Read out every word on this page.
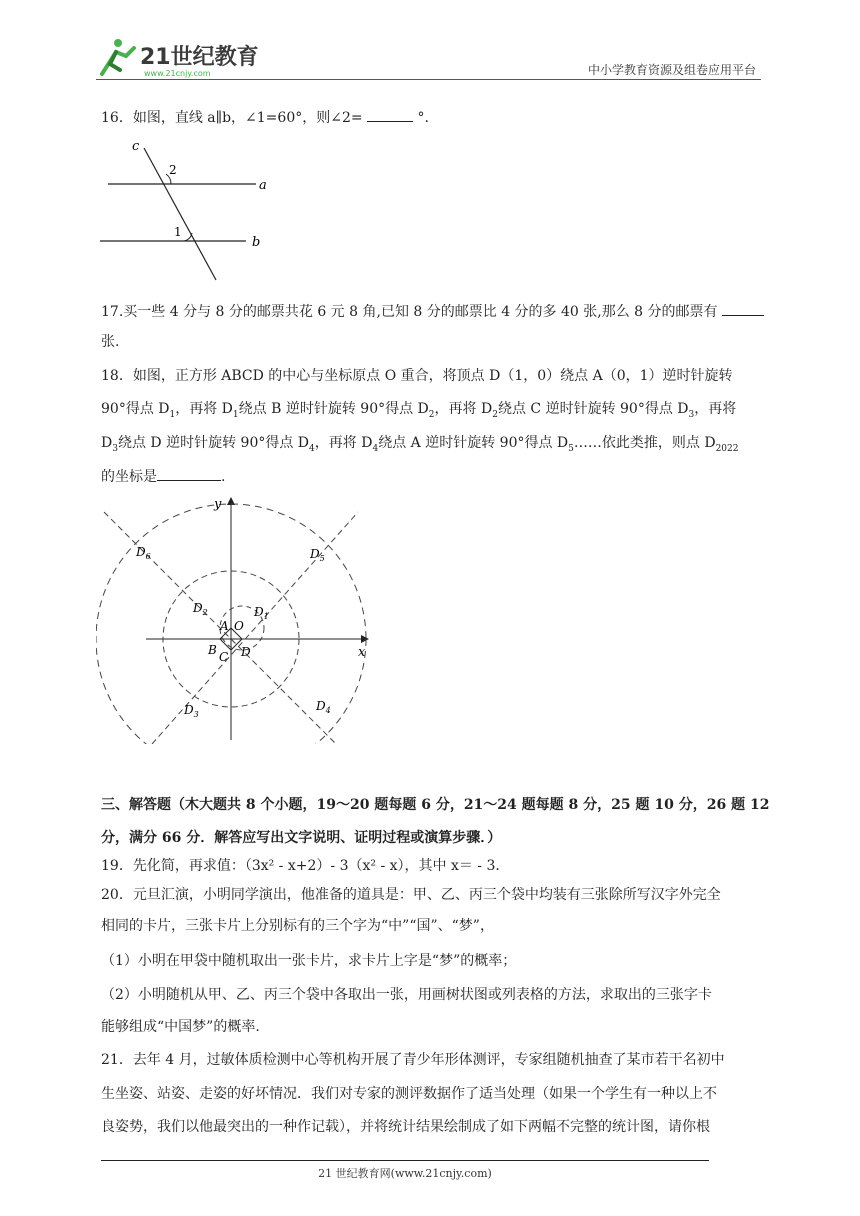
21世纪教育
www.21cnjy.com	中小学教育资源及组卷应用平台
16．如图，直线 a∥b，∠1=60°，则∠2=	°.
c
a
b
2
1
17.买一些 4 分与 8 分的邮票共花 6 元 8 角,已知 8 分的邮票比 4 分的多 40 张,那么 8 分的邮票有
张.
18．如图，正方形 ABCD 的中心与坐标原点 O 重合，将顶点 D（1，0）绕点 A（0，1）逆时针旋转
90°得点 $D_1$，再将 $D_1$绕点 B 逆时针旋转 90°得点 $D_2$，再将 $D_2$绕点 C 逆时针旋转 90°得点 $D_3$，再将
$D_3$绕点 D 逆时针旋转 90°得点 $D_4$，再将 $D_4$绕点 A 逆时针旋转 90°得点 $D_5\dots\dots$依此类推，则点 $D_{2022}$
的坐标是	.
y
x
A O
B C D
$D_1$
$D_2$
$D_3$
$D_4$
$D_5$
$D_6$
三、解答题（木大题共 8 个小题，19～20 题每题 6 分，21～24 题每题 8 分，25 题 10 分，26 题 12
分，满分 66 分．解答应写出文字说明、证明过程或演算步骤．）
19．先化简，再求值：（3x² - x+2）- 3（x² - x），其中 x＝ - 3．
20．元旦汇演，小明同学演出，他准备的道具是：甲、乙、丙三个袋中均装有三张除所写汉字外完全
相同的卡片，三张卡片上分别标有的三个字为“中”“国”、“梦”，
（1）小明在甲袋中随机取出一张卡片，求卡片上字是“梦”的概率；
（2）小明随机从甲、乙、丙三个袋中各取出一张，用画树状图或列表格的方法，求取出的三张字卡
能够组成“中国梦”的概率.
21．去年 4 月，过敏体质检测中心等机构开展了青少年形体测评，专家组随机抽查了某市若干名初中
生坐姿、站姿、走姿的好坏情况．我们对专家的测评数据作了适当处理（如果一个学生有一种以上不
良姿势，我们以他最突出的一种作记载），并将统计结果绘制成了如下两幅不完整的统计图，请你根
21 世纪教育网(www.21cnjy.com)
